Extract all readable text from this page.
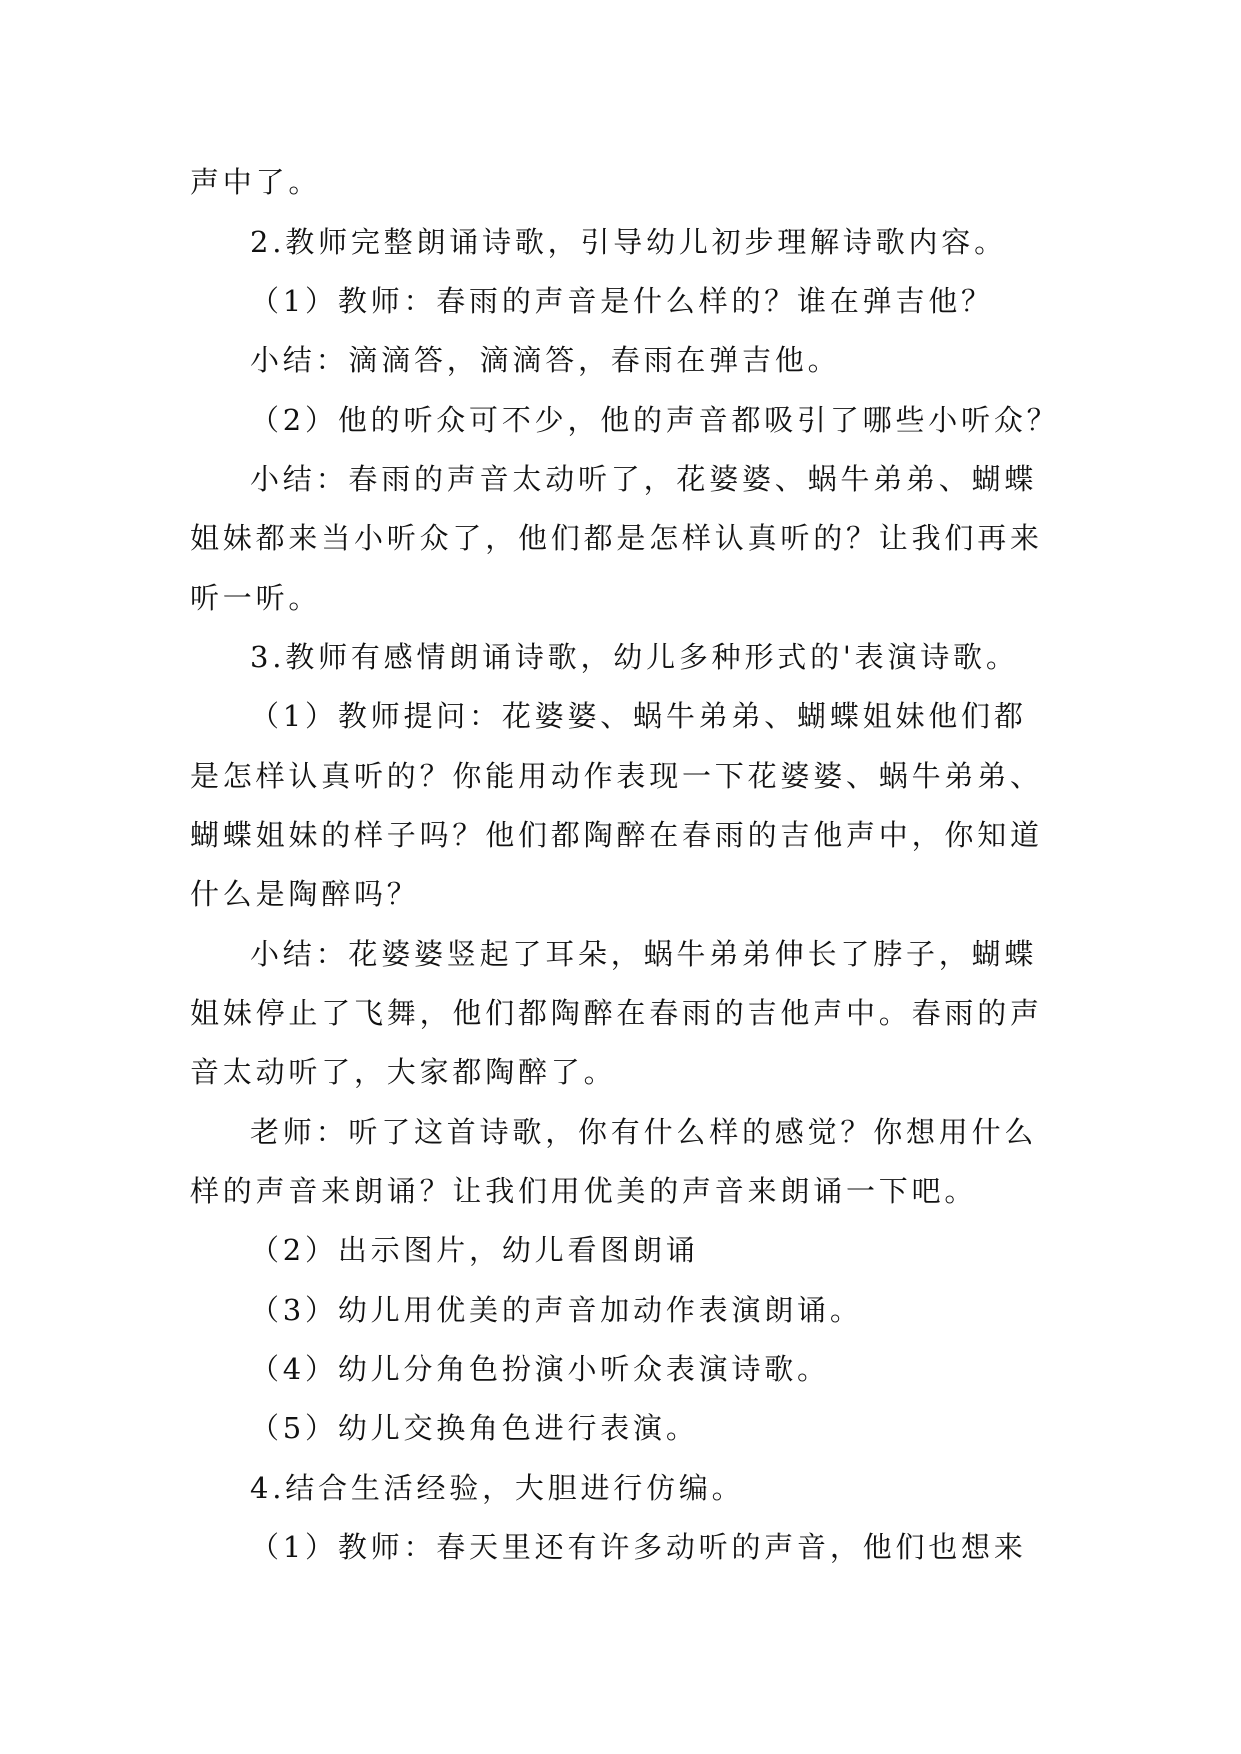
声中了。
2.教师完整朗诵诗歌，引导幼儿初步理解诗歌内容。
（1）教师：春雨的声音是什么样的？谁在弹吉他？
小结：滴滴答，滴滴答，春雨在弹吉他。
（2）他的听众可不少，他的声音都吸引了哪些小听众？
小结：春雨的声音太动听了，花婆婆、蜗牛弟弟、蝴蝶
姐妹都来当小听众了，他们都是怎样认真听的？让我们再来
听一听。
3.教师有感情朗诵诗歌，幼儿多种形式的'表演诗歌。
（1）教师提问：花婆婆、蜗牛弟弟、蝴蝶姐妹他们都
是怎样认真听的？你能用动作表现一下花婆婆、蜗牛弟弟、
蝴蝶姐妹的样子吗？他们都陶醉在春雨的吉他声中，你知道
什么是陶醉吗？
小结：花婆婆竖起了耳朵，蜗牛弟弟伸长了脖子，蝴蝶
姐妹停止了飞舞，他们都陶醉在春雨的吉他声中。春雨的声
音太动听了，大家都陶醉了。
老师：听了这首诗歌，你有什么样的感觉？你想用什么
样的声音来朗诵？让我们用优美的声音来朗诵一下吧。
（2）出示图片，幼儿看图朗诵
（3）幼儿用优美的声音加动作表演朗诵。
（4）幼儿分角色扮演小听众表演诗歌。
（5）幼儿交换角色进行表演。
4.结合生活经验，大胆进行仿编。
（1）教师：春天里还有许多动听的声音，他们也想来
